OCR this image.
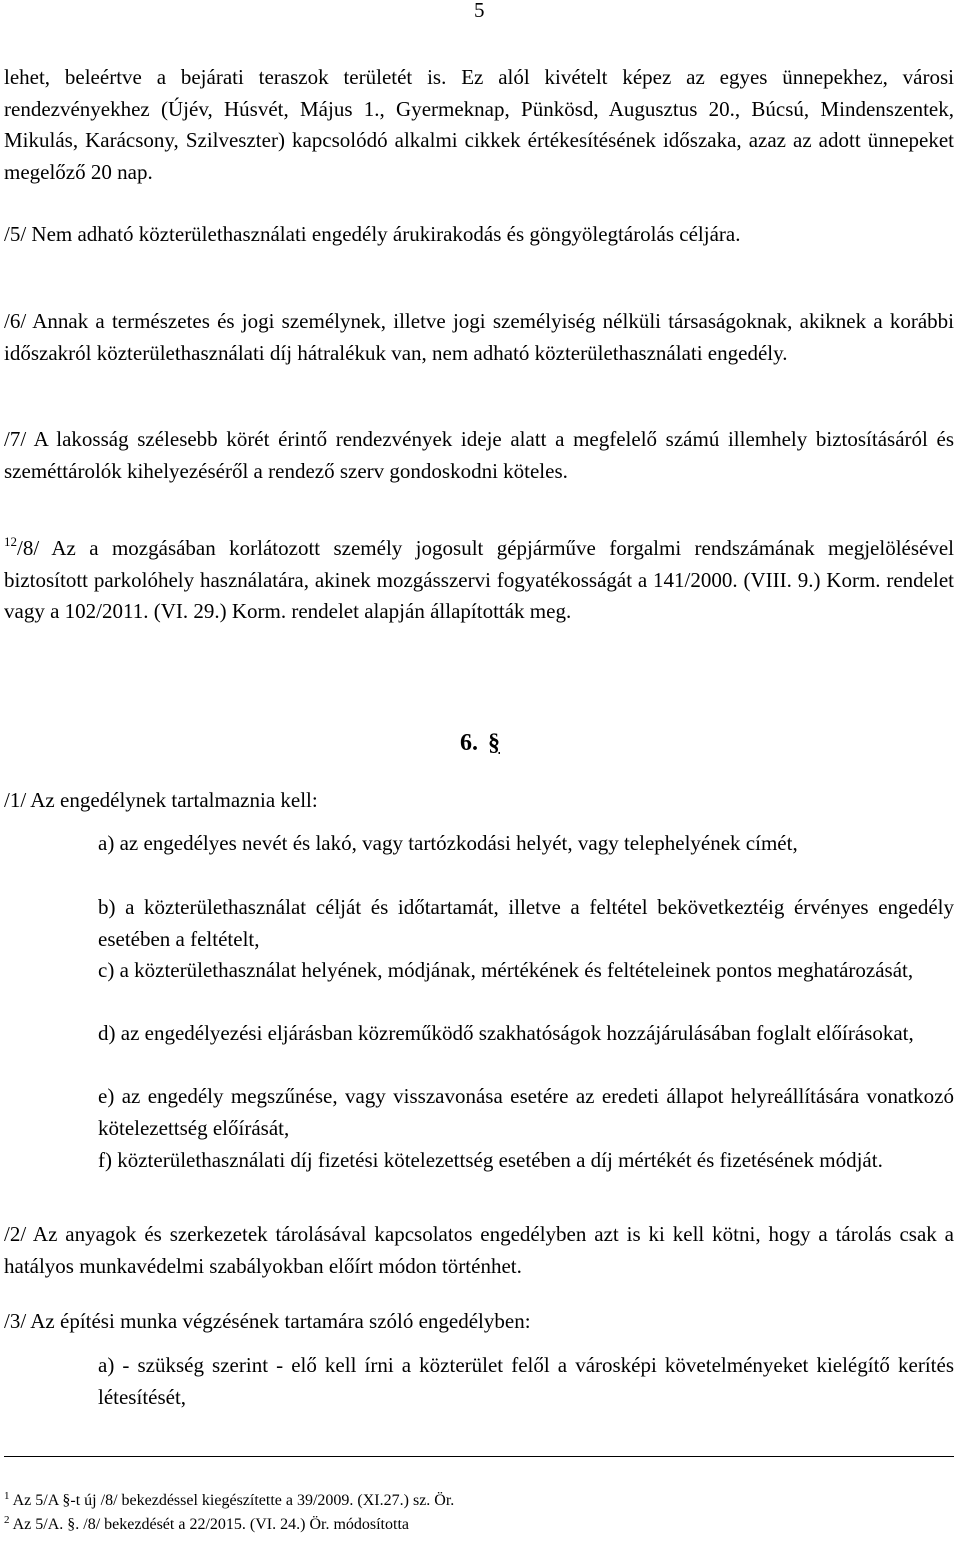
5

lehet, beleértve a bejárati teraszok területét is. Ez alól kivételt képez az egyes ünnepekhez, városi rendezvényekhez (Újév, Húsvét, Május 1., Gyermeknap, Pünkösd, Augusztus 20., Búcsú, Mindenszentek, Mikulás, Karácsony, Szilveszter) kapcsolódó alkalmi cikkek értékesítésének időszaka, azaz az adott ünnepeket megelőző 20 nap.

/5/ Nem adható közterülethasználati engedély árukirakodás és göngyölegtárolás céljára.

/6/ Annak a természetes és jogi személynek, illetve jogi személyiség nélküli társaságoknak, akiknek a korábbi időszakról közterülethasználati díj hátralékuk van, nem adható közterülethasználati engedély.

/7/ A lakosság szélesebb körét érintő rendezvények ideje alatt a megfelelő számú illemhely biztosításáról és szeméttárolók kihelyezéséről a rendező szerv gondoskodni köteles.

$^{12}$/8/ Az a mozgásában korlátozott személy jogosult gépjárműve forgalmi rendszámának megjelölésével biztosított parkolóhely használatára, akinek mozgásszervi fogyatékosságát a 141/2000. (VIII. 9.) Korm. rendelet vagy a 102/2011. (VI. 29.) Korm. rendelet alapján állapították meg.

6. §

/1/ Az engedélynek tartalmaznia kell:

a) az engedélyes nevét és lakó, vagy tartózkodási helyét, vagy telephelyének címét,

b) a közterülethasználat célját és időtartamát, illetve a feltétel bekövetkeztéig érvényes engedély esetében a feltételt,

c) a közterülethasználat helyének, módjának, mértékének és feltételeinek pontos meghatározását,

d) az engedélyezési eljárásban közreműködő szakhatóságok hozzájárulásában foglalt előírásokat,

e) az engedély megszűnése, vagy visszavonása esetére az eredeti állapot helyreállítására vonatkozó kötelezettség előírását,

f) közterülethasználati díj fizetési kötelezettség esetében a díj mértékét és fizetésének módját.

/2/ Az anyagok és szerkezetek tárolásával kapcsolatos engedélyben azt is ki kell kötni, hogy a tárolás csak a hatályos munkavédelmi szabályokban előírt módon történhet.

/3/ Az építési munka végzésének tartamára szóló engedélyben:

a) - szükség szerint - elő kell írni a közterület felől a városképi követelményeket kielégítő kerítés létesítését,

$^1$ Az 5/A §-t új /8/ bekezdéssel kiegészítette a 39/2009. (XI.27.) sz. Ör.
$^2$ Az 5/A. §. /8/ bekezdését a 22/2015. (VI. 24.) Ör. módosította
